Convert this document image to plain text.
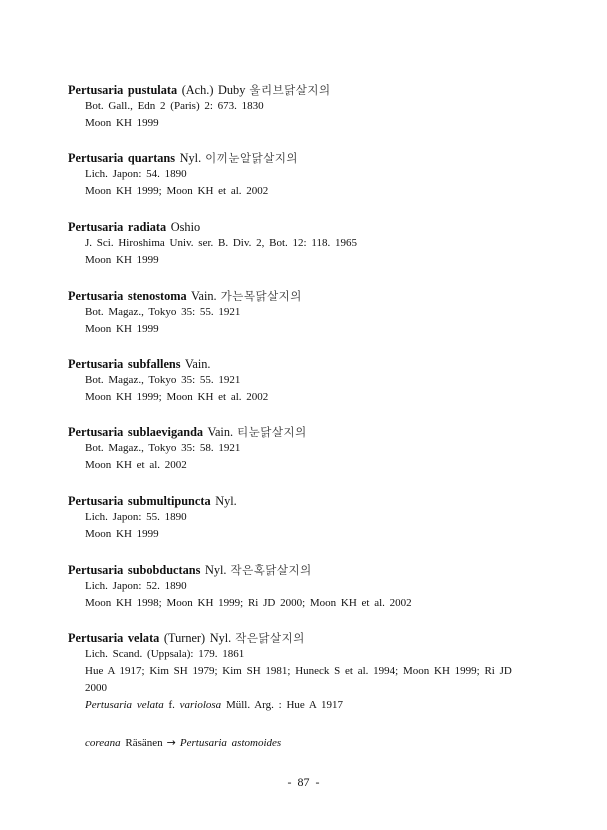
Pertusaria pustulata (Ach.) Duby 울리브닭살지의
Bot. Gall., Edn 2 (Paris) 2: 673. 1830
Moon KH 1999
Pertusaria quartans Nyl. 이끼눈알닭살지의
Lich. Japon: 54. 1890
Moon KH 1999; Moon KH et al. 2002
Pertusaria radiata Oshio
J. Sci. Hiroshima Univ. ser. B. Div. 2, Bot. 12: 118. 1965
Moon KH 1999
Pertusaria stenostoma Vain. 가는목닭살지의
Bot. Magaz., Tokyo 35: 55. 1921
Moon KH 1999
Pertusaria subfallens Vain.
Bot. Magaz., Tokyo 35: 55. 1921
Moon KH 1999; Moon KH et al. 2002
Pertusaria sublaeviganda Vain. 티눈닭살지의
Bot. Magaz., Tokyo 35: 58. 1921
Moon KH et al. 2002
Pertusaria submultipuncta Nyl.
Lich. Japon: 55. 1890
Moon KH 1999
Pertusaria subobductans Nyl. 작은혹닭살지의
Lich. Japon: 52. 1890
Moon KH 1998; Moon KH 1999; Ri JD 2000; Moon KH et al. 2002
Pertusaria velata (Turner) Nyl. 작은닭살지의
Lich. Scand. (Uppsala): 179. 1861
Hue A 1917; Kim SH 1979; Kim SH 1981; Huneck S et al. 1994; Moon KH 1999; Ri JD 2000
Pertusaria velata f. variolosa Müll. Arg. : Hue A 1917
coreana Räsänen → Pertusaria astomoides
- 87 -
